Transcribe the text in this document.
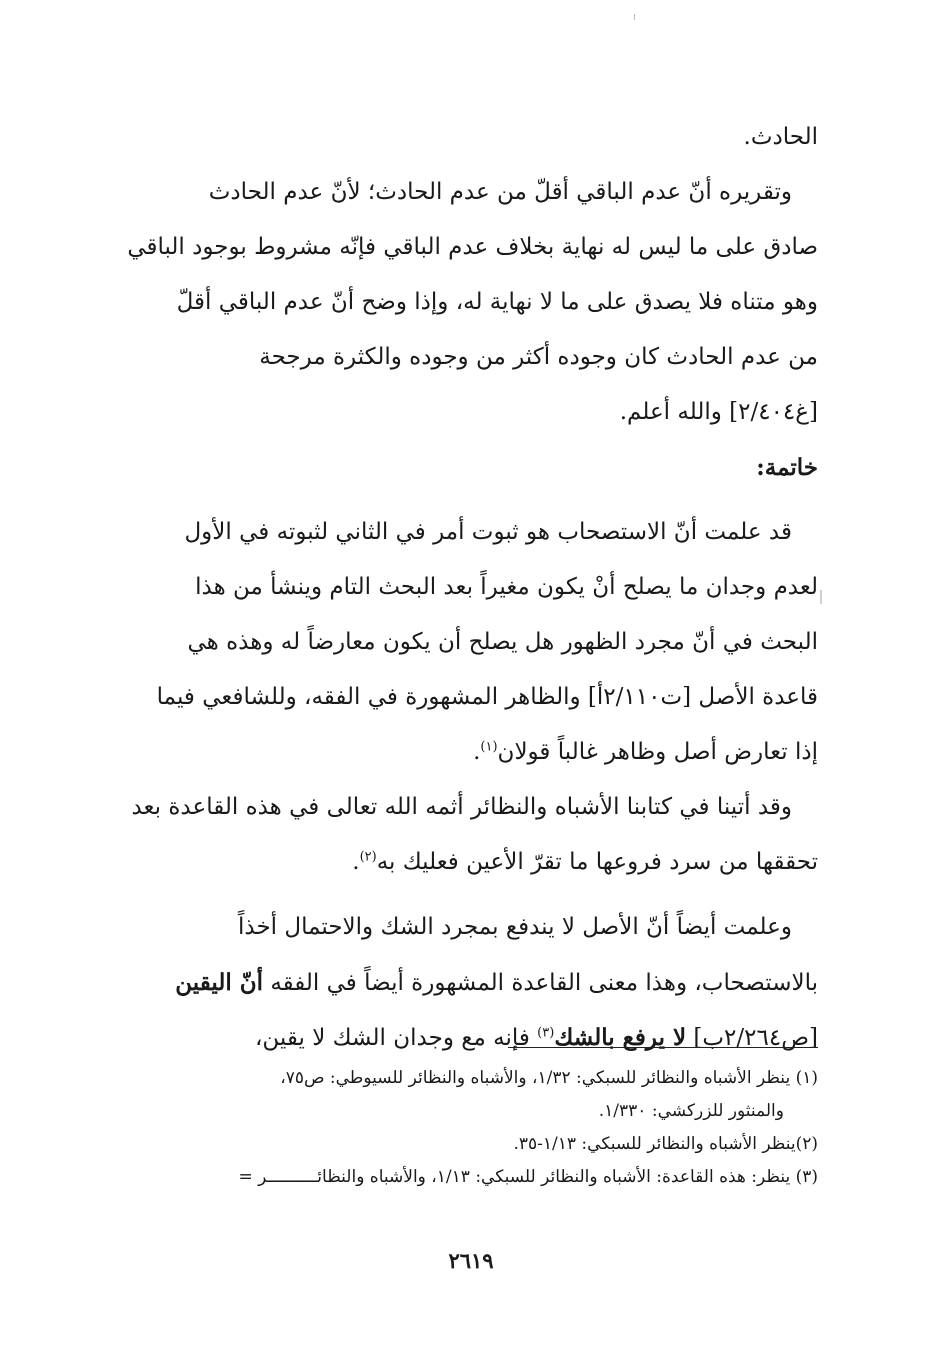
الحادث.
وتقريره أنّ عدم الباقي أقلّ من عدم الحادث؛ لأنّ عدم الحادث
صادق على ما ليس له نهاية بخلاف عدم الباقي فإنّه مشروط بوجود الباقي
وهو متناه فلا يصدق على ما لا نهاية له، وإذا وضح أنّ عدم الباقي أقلّ
من عدم الحادث كان وجوده أكثر من وجوده والكثرة مرجحة
[غ٢/٤٠٤] والله أعلم.
خاتمة:
قد علمت أنّ الاستصحاب هو ثبوت أمر في الثاني لثبوته في الأول
لعدم وجدان ما يصلح أنْ يكون مغيراً بعد البحث التام وينشأ من هذا
البحث في أنّ مجرد الظهور هل يصلح أن يكون معارضاً له وهذه هي
قاعدة الأصل [ت٢/١١٠أ] والظاهر المشهورة في الفقه، وللشافعي فيما
إذا تعارض أصل وظاهر غالباً قولان$^{(١)}$.
وقد أتينا في كتابنا الأشباه والنظائر أثمه الله تعالى في هذه القاعدة بعد
تحققها من سرد فروعها ما تقرّ الأعين فعليك به$^{(٢)}$.
وعلمت أيضاً أنّ الأصل لا يندفع بمجرد الشك والاحتمال أخذاً
بالاستصحاب، وهذا معنى القاعدة المشهورة أيضاً في الفقه أنّ اليقين
[ص٢/٢٦٤ب] لا يرفع بالشك$^{(٣)}$ فإنه مع وجدان الشك لا يقين،
(١) ينظر الأشباه والنظائر للسبكي: ١/٣٢، والأشباه والنظائر للسيوطي: ص٧٥،
والمنثور للزركشي: ١/٣٣٠.
(٢)ينظر الأشباه والنظائر للسبكي: ١/١٣-٣٥.
(٣) ينظر: هذه القاعدة: الأشباه والنظائر للسبكي: ١/١٣، والأشباه والنظائــــــــــر =
٢٦١٩
